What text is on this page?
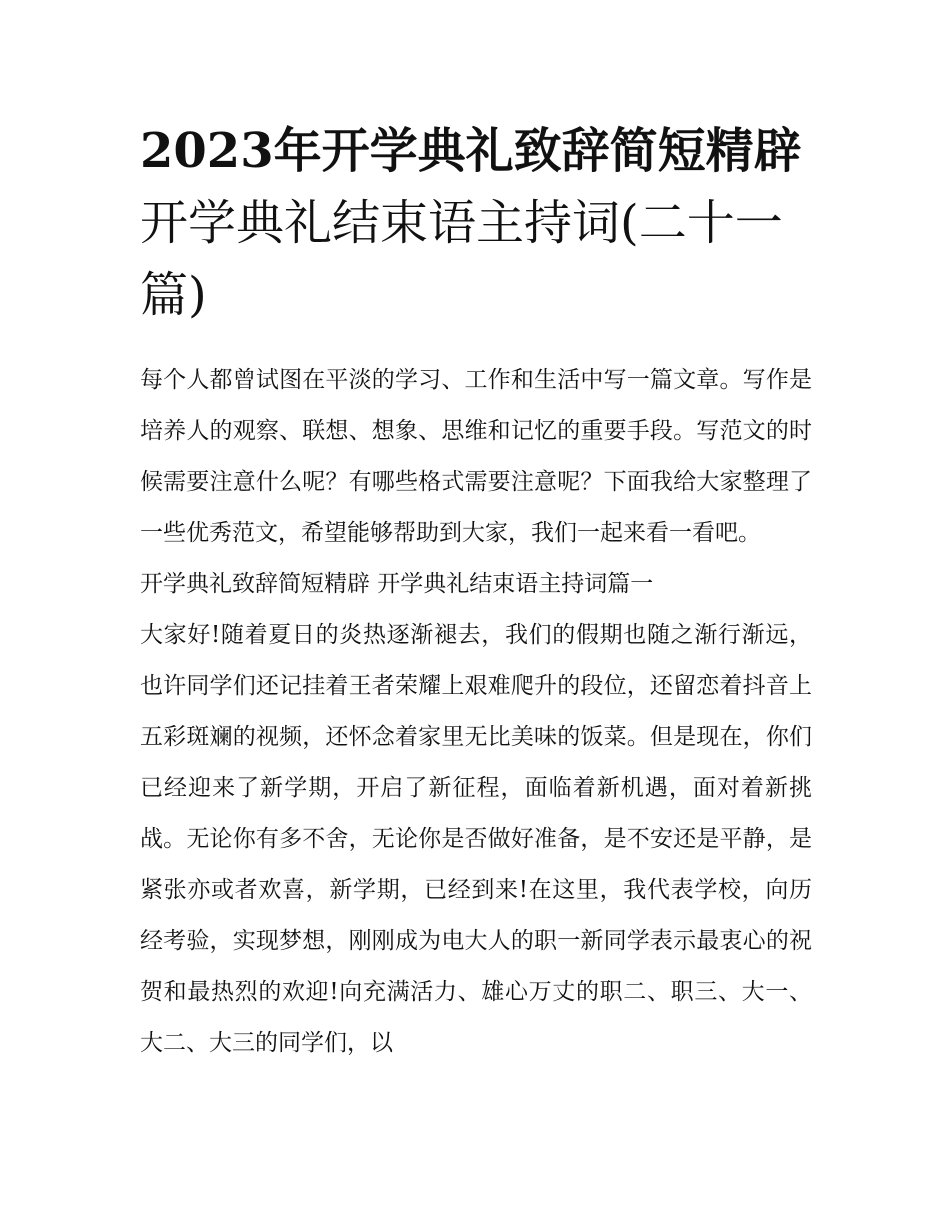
2023年开学典礼致辞简短精辟开学典礼结束语主持词(二十一篇)

每个人都曾试图在平淡的学习、工作和生活中写一篇文章。写作是培养人的观察、联想、想象、思维和记忆的重要手段。写范文的时候需要注意什么呢？有哪些格式需要注意呢？下面我给大家整理了一些优秀范文，希望能够帮助到大家，我们一起来看一看吧。

开学典礼致辞简短精辟 开学典礼结束语主持词篇一

大家好!随着夏日的炎热逐渐褪去，我们的假期也随之渐行渐远，也许同学们还记挂着王者荣耀上艰难爬升的段位，还留恋着抖音上五彩斑斓的视频，还怀念着家里无比美味的饭菜。但是现在，你们已经迎来了新学期，开启了新征程，面临着新机遇，面对着新挑战。无论你有多不舍，无论你是否做好准备，是不安还是平静，是紧张亦或者欢喜，新学期，已经到来!在这里，我代表学校，向历经考验，实现梦想，刚刚成为电大人的职一新同学表示最衷心的祝贺和最热烈的欢迎!向充满活力、雄心万丈的职二、职三、大一、大二、大三的同学们，以
